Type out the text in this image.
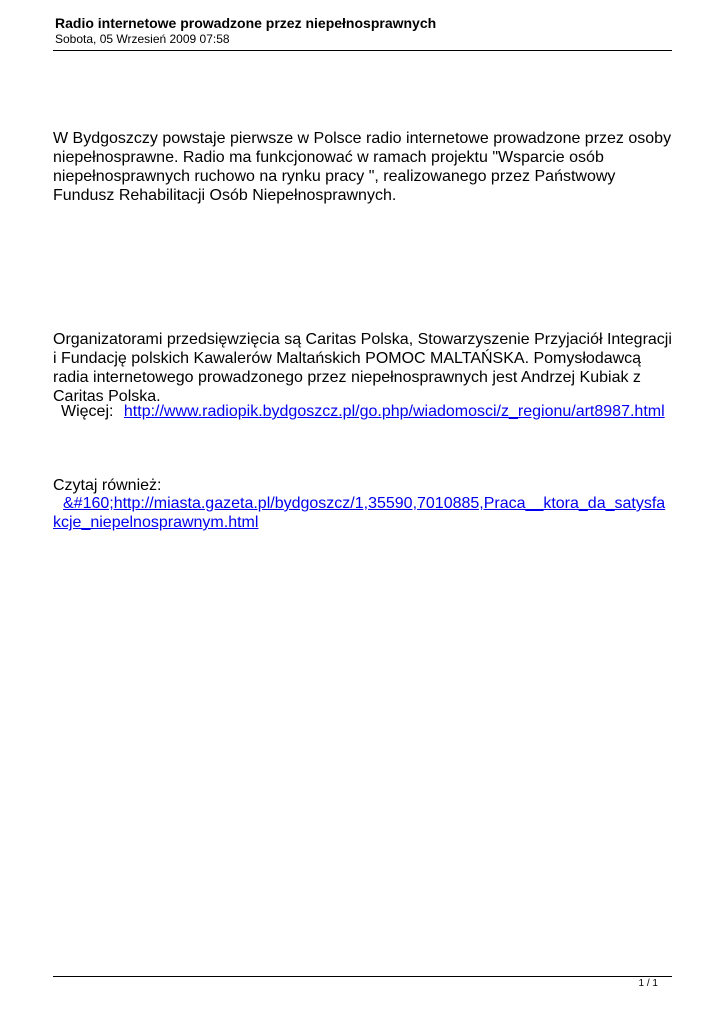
Radio internetowe prowadzone przez niepełnosprawnych
Sobota, 05 Wrzesień 2009 07:58

W Bydgoszczy powstaje pierwsze w Polsce radio internetowe prowadzone przez osoby niepełnosprawne. Radio ma funkcjonować w ramach projektu "Wsparcie osób niepełnosprawnych ruchowo na rynku pracy ", realizowanego przez Państwowy Fundusz Rehabilitacji Osób Niepełnosprawnych.

Organizatorami przedsięwzięcia są Caritas Polska, Stowarzyszenie Przyjaciół Integracji i Fundację polskich Kawalerów Maltańskich POMOC MALTAŃSKA. Pomysłodawcą radia internetowego prowadzonego przez niepełnosprawnych jest Andrzej Kubiak z Caritas Polska.

Więcej: http://www.radiopik.bydgoszcz.pl/go.php/wiadomosci/z_regionu/art8987.html
Czytaj również:
&#160;http://miasta.gazeta.pl/bydgoszcz/1,35590,7010885,Praca__ktora_da_satysfakcje_niepelnosprawnym.html
1 / 1
